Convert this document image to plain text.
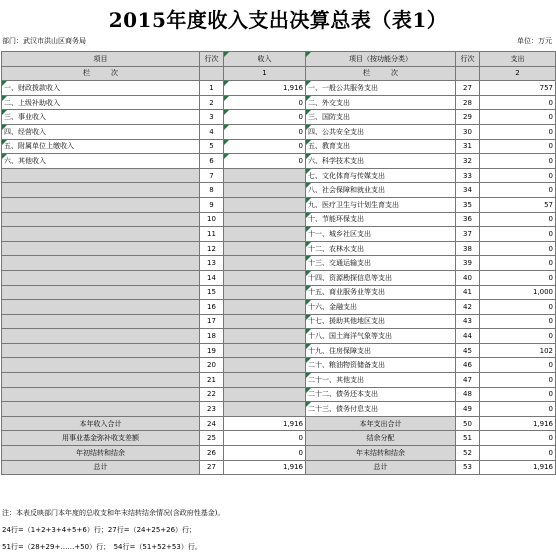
2015年度收入支出决算总表（表1）
部门：武汉市洪山区商务局	单位：万元
项目	行次	收入	项目（按功能分类）	行次	支出
栏　　　次		1	栏　　　次		2
一、财政拨款收入	1	1,916	一、一般公共服务支出	27	757
二、上级补助收入	2	0	二、外交支出	28	0
三、事业收入	3	0	三、国防支出	29	0
四、经营收入	4	0	四、公共安全支出	30	0
五、附属单位上缴收入	5	0	五、教育支出	31	0
六、其他收入	6	0	六、科学技术支出	32	0
	7		七、文化体育与传媒支出	33	0
	8		八、社会保障和就业支出	34	0
	9		九、医疗卫生与计划生育支出	35	57
	10		十、节能环保支出	36	0
	11		十一、城乡社区支出	37	0
	12		十二、农林水支出	38	0
	13		十三、交通运输支出	39	0
	14		十四、资源勘探信息等支出	40	0
	15		十五、商业服务业等支出	41	1,000
	16		十六、金融支出	42	0
	17		十七、援助其他地区支出	43	0
	18		十八、国土海洋气象等支出	44	0
	19		十九、住房保障支出	45	102
	20		二十、粮油物资储备支出	46	0
	21		二十一、其他支出	47	0
	22		二十二、债务还本支出	48	0
	23		二十三、债务付息支出	49	0
本年收入合计	24	1,916	本年支出合计	50	1,916
用事业基金弥补收支差额	25	0	结余分配	51	0
年初结转和结余	26	0	年末结转和结余	52	0
总计	27	1,916	总计	53	1,916
注：本表反映部门本年度的总收支和年末结转结余情况(含政府性基金)。
24行=（1+2+3+4+5+6）行；27行=（24+25+26）行；
51行=（28+29+……+50）行；　54行=（51+52+53）行。
